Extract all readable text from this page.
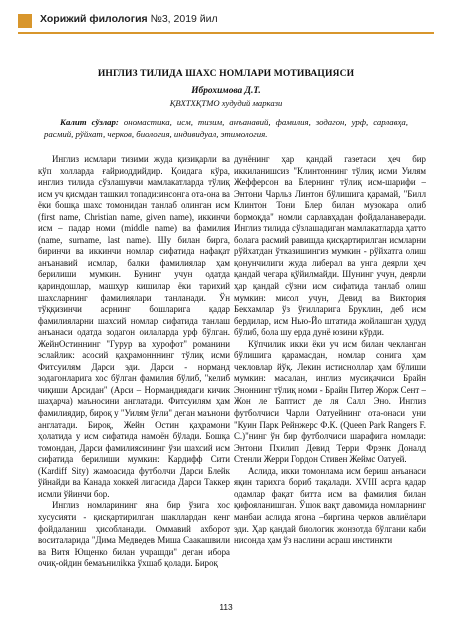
Хорижий филология №3, 2019 йил
ИНГЛИЗ ТИЛИДА ШАХС НОМЛАРИ МОТИВАЦИЯСИ
Иброхимова Д.Т.
ҚВХТХҚТМО худудий маркази
Калит сўзлар: ономастика, исм, тизим, анъанавий, фамилия, зодагон, урф, сарлавҳа, расмий, рўйхат, черков, биология, индивидуал, этимология.

Инглиз исмлари тизими жуда қизиқарли ва кўп холларда ғайриоддийдир. Қоидага кўра, инглиз тилида сўзлашувчи мамлакатларда тўлиқ исм уч қисмдан ташкил топади:инсонга ота-она ва ёки бошқа шахс томонидан танлаб олинган исм (first name, Christian name, given name), иккинчи исм – падар номи (middle name) ва фамилия (name, surname, last name). Шу билан бирга, биринчи ва иккинчи номлар сифатида нафақат анъанавий исмлар, балки фамилиялар ҳам берилиши мумкин. Бунинг учун одатда қариндошлар, машҳур кишилар ёки тарихий шахсларнинг фамилиялари танланади. Ўн тўққизинчи асрнинг бошларига қадар фамилияларни шахсий номлар сифатида танлаш анъанаси одатда зодагон оилаларда урф бўлган. ЖейнОстиннинг "Гурур ва хурофот" романини эслайлик: асосий қаҳрамонннинг тўлиқ исми Фитсуилям Дарси эди. Дарси - норманд зодагонларига хос бўлган фамилия бўлиб, "келиб чиқиши Арсидан" (Арси – Нормандиядаги кичик шаҳарча) маъносини англатади. Фитсуилям ҳам фамилиядир, бироқ у "Уилям ўғли" деган маънони англатади. Бироқ, Жейн Остин қаҳрамони ҳолатида у исм сифатида намоён бўлади. Бошқа томондан, Дарси фамилиясининг ўзи шахсий исм сифатида берилиши мумкин: Кардифф Сити (Kardiff Sity) жамоасида футболчи Дарси Блейк ўйнайди ва Канада хоккей лигасида Дарси Таккер исмли ўйинчи бор.

Инглиз номларининг яна бир ўзига хос хусусияти - қисқартирилган шакллардан кенг фойдаланиш ҳисобланади. Оммавий ахборот воситаларида "Дима Медведев Миша Саакашвили ва Витя Ющенко билан учрашди" деган ибора очиқ-ойдин бемаънилikка ўхшаб қолади. Бироқ

дунёнинг ҳар қандай газетаси ҳеч бир иккиланишсиз "Клинтоннинг тўлиқ исми Уилям Жефферсон ва Блернинг тўлиқ исм-шарифи – Энтони Чарльз Линтон бўлишига қарамай, "Билл Клинтон Тони Блер билан музокара олиб бормоқда" номли сарлавҳадан фойдаланаверади. Инглиз тилида сўзлашадиган мамлакатларда ҳатто болага расмий равишда қисқартирилган исмларни рўйхатдан ўтказишингиз мумкин - рўйхатга олиш қонунчилиги жуда либерал ва унга деярли ҳеч қандай чегара қўйилмайди. Шунинг учун, деярли ҳар қандай сўзни исм сифатида танлаб олиш мумкин: мисол учун, Девид ва Виктория Бекхамлар ўз ўғилларига Бруклин, деб исм бердилар, исм Нью-Йо штатида жойлашган ҳудуд бўлиб, бола шу ерда дунё юзини кўрди.

Кўпчилик икки ёки уч исм билан чекланган бўлишига қарамасдан, номлар сонига ҳам чекловлар йўқ. Лекин истисноллар ҳам бўлиши мумкин: масалан, инглиз мусиқачиси Брайн Эноннинг тўлиқ номи - Брайн Питер Жорж Сент – Жон ле Баптист де ля Салл Эно. Инглиз футболчиси Чарли Оатуейнинг ота-онаси уни "Куин Парк Рейнжерс Ф.К. (Queen Park Rangers F. C.)"нинг ўн бир футболчиси шарафига номлади: Энтони Пхилип Девид Терри Фрэнк Доналд Стенли Жерри Гордон Стивен Жеймс Оатуей.

Аслида, икки томонлама исм бериш анъанаси яқин тарихга бориб тақалади. XVIII асрга қадар одамлар фақат битта исм ва фамилия билан қифояланишган. Ўшок вақт давомида номларнинг манбаи аслида ягона –биргина черков авлиёлари эди. Ҳар қандай биологик жонзотда бўлгани каби нисонда ҳам ўз наслини асраш инстинкти

113
